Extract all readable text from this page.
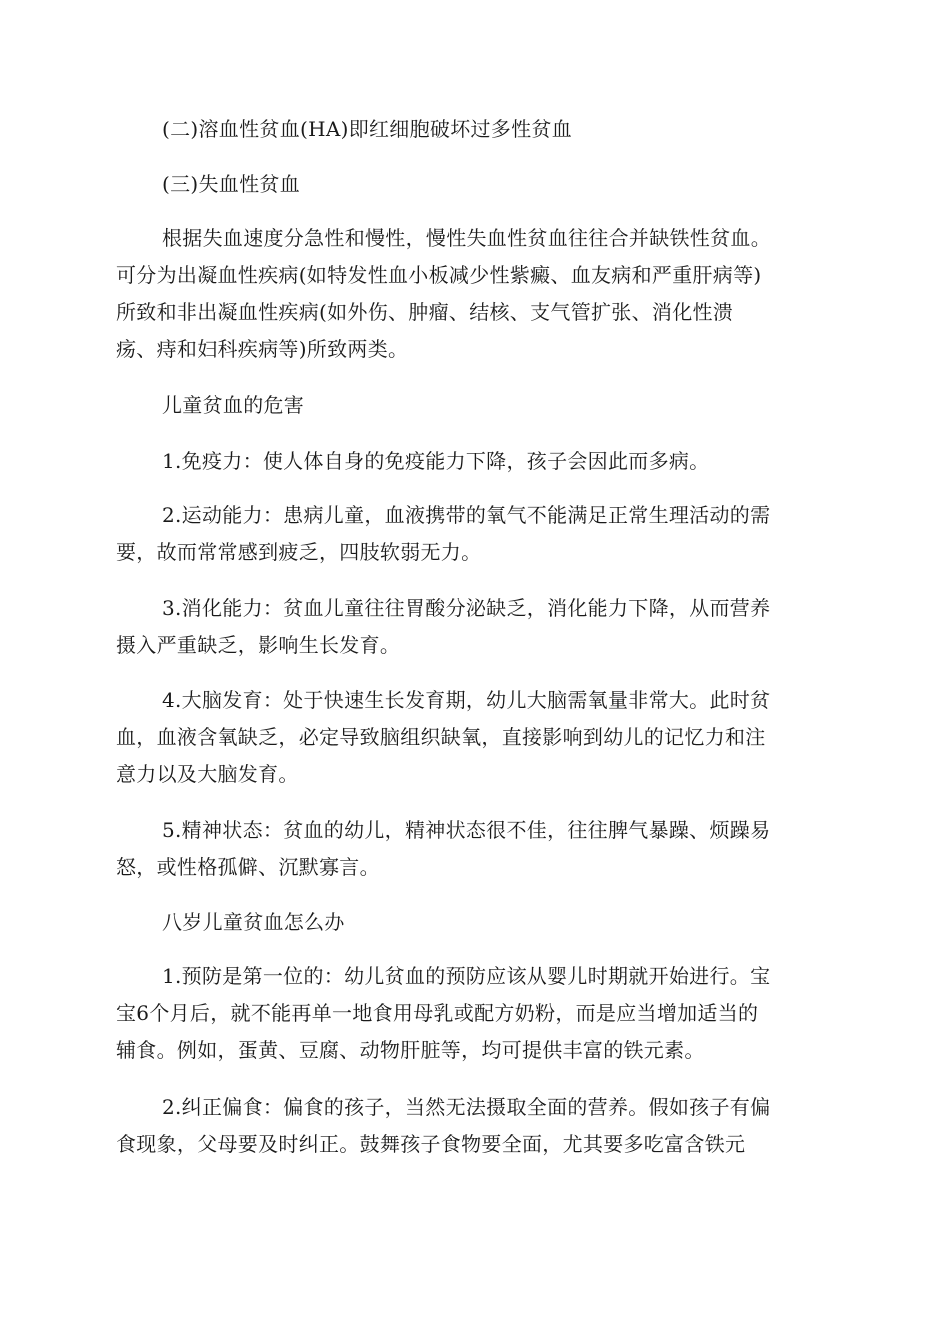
(二)溶血性贫血(HA)即红细胞破坏过多性贫血

(三)失血性贫血

根据失血速度分急性和慢性，慢性失血性贫血往往合并缺铁性贫血。
可分为出凝血性疾病(如特发性血小板减少性紫癜、血友病和严重肝病等)
所致和非出凝血性疾病(如外伤、肿瘤、结核、支气管扩张、消化性溃
疡、痔和妇科疾病等)所致两类。

儿童贫血的危害

1.免疫力：使人体自身的免疫能力下降，孩子会因此而多病。

2.运动能力：患病儿童，血液携带的氧气不能满足正常生理活动的需
要，故而常常感到疲乏，四肢软弱无力。

3.消化能力：贫血儿童往往胃酸分泌缺乏，消化能力下降，从而营养
摄入严重缺乏，影响生长发育。

4.大脑发育：处于快速生长发育期，幼儿大脑需氧量非常大。此时贫
血，血液含氧缺乏，必定导致脑组织缺氧，直接影响到幼儿的记忆力和注
意力以及大脑发育。

5.精神状态：贫血的幼儿，精神状态很不佳，往往脾气暴躁、烦躁易
怒，或性格孤僻、沉默寡言。

八岁儿童贫血怎么办

1.预防是第一位的：幼儿贫血的预防应该从婴儿时期就开始进行。宝
宝6个月后，就不能再单一地食用母乳或配方奶粉，而是应当增加适当的
辅食。例如，蛋黄、豆腐、动物肝脏等，均可提供丰富的铁元素。

2.纠正偏食：偏食的孩子，当然无法摄取全面的营养。假如孩子有偏
食现象，父母要及时纠正。鼓舞孩子食物要全面，尤其要多吃富含铁元
